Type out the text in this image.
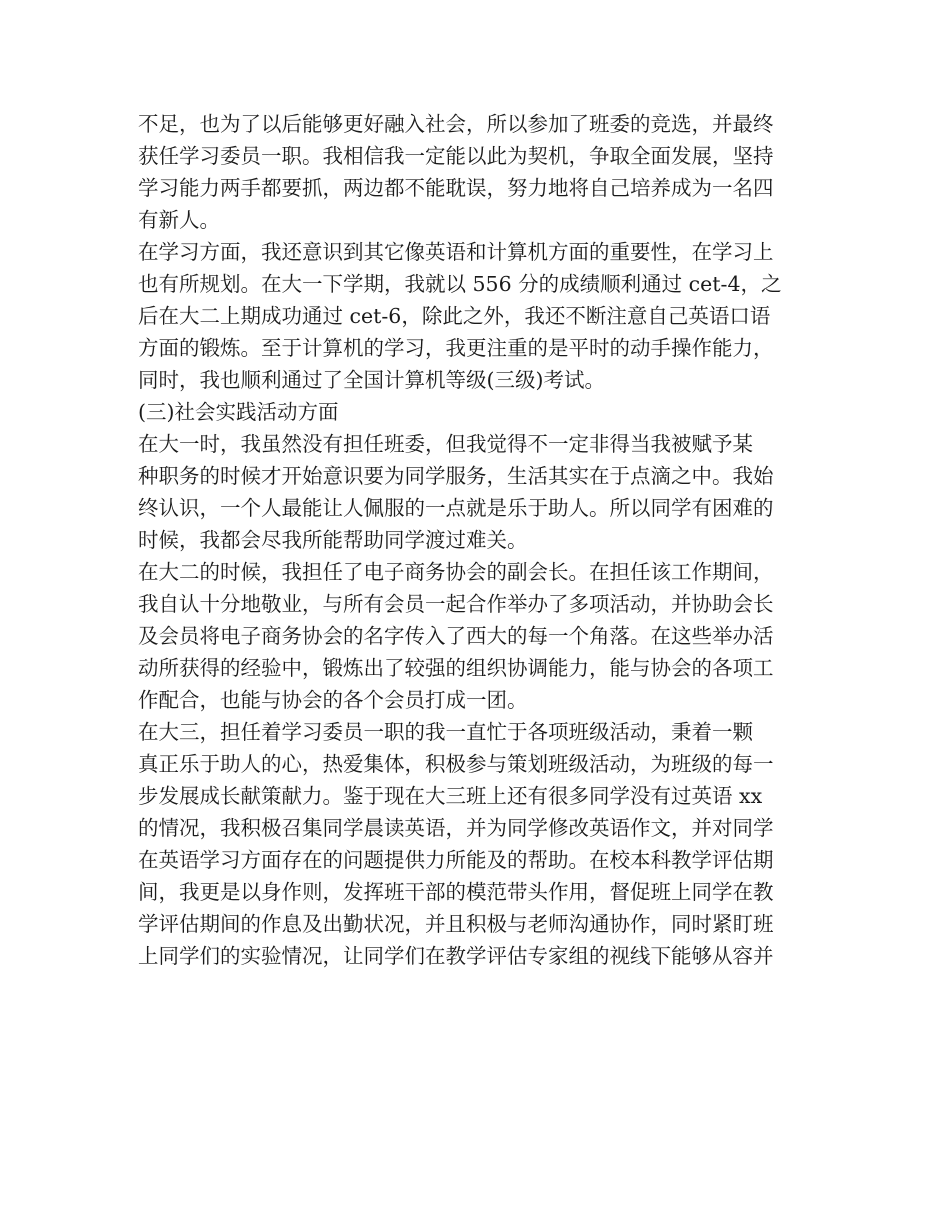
不足，也为了以后能够更好融入社会，所以参加了班委的竞选，并最终
获任学习委员一职。我相信我一定能以此为契机，争取全面发展，坚持
学习能力两手都要抓，两边都不能耽误，努力地将自己培养成为一名四
有新人。
在学习方面，我还意识到其它像英语和计算机方面的重要性，在学习上
也有所规划。在大一下学期，我就以 556 分的成绩顺利通过 cet-4，之
后在大二上期成功通过 cet-6，除此之外，我还不断注意自己英语口语
方面的锻炼。至于计算机的学习，我更注重的是平时的动手操作能力，
同时，我也顺利通过了全国计算机等级(三级)考试。
(三)社会实践活动方面
在大一时，我虽然没有担任班委，但我觉得不一定非得当我被赋予某
种职务的时候才开始意识要为同学服务，生活其实在于点滴之中。我始
终认识，一个人最能让人佩服的一点就是乐于助人。所以同学有困难的
时候，我都会尽我所能帮助同学渡过难关。
在大二的时候，我担任了电子商务协会的副会长。在担任该工作期间，
我自认十分地敬业，与所有会员一起合作举办了多项活动，并协助会长
及会员将电子商务协会的名字传入了西大的每一个角落。在这些举办活
动所获得的经验中，锻炼出了较强的组织协调能力，能与协会的各项工
作配合，也能与协会的各个会员打成一团。
在大三，担任着学习委员一职的我一直忙于各项班级活动，秉着一颗
真正乐于助人的心，热爱集体，积极参与策划班级活动，为班级的每一
步发展成长献策献力。鉴于现在大三班上还有很多同学没有过英语 xx
的情况，我积极召集同学晨读英语，并为同学修改英语作文，并对同学
在英语学习方面存在的问题提供力所能及的帮助。在校本科教学评估期
间，我更是以身作则，发挥班干部的模范带头作用，督促班上同学在教
学评估期间的作息及出勤状况，并且积极与老师沟通协作，同时紧盯班
上同学们的实验情况，让同学们在教学评估专家组的视线下能够从容并
